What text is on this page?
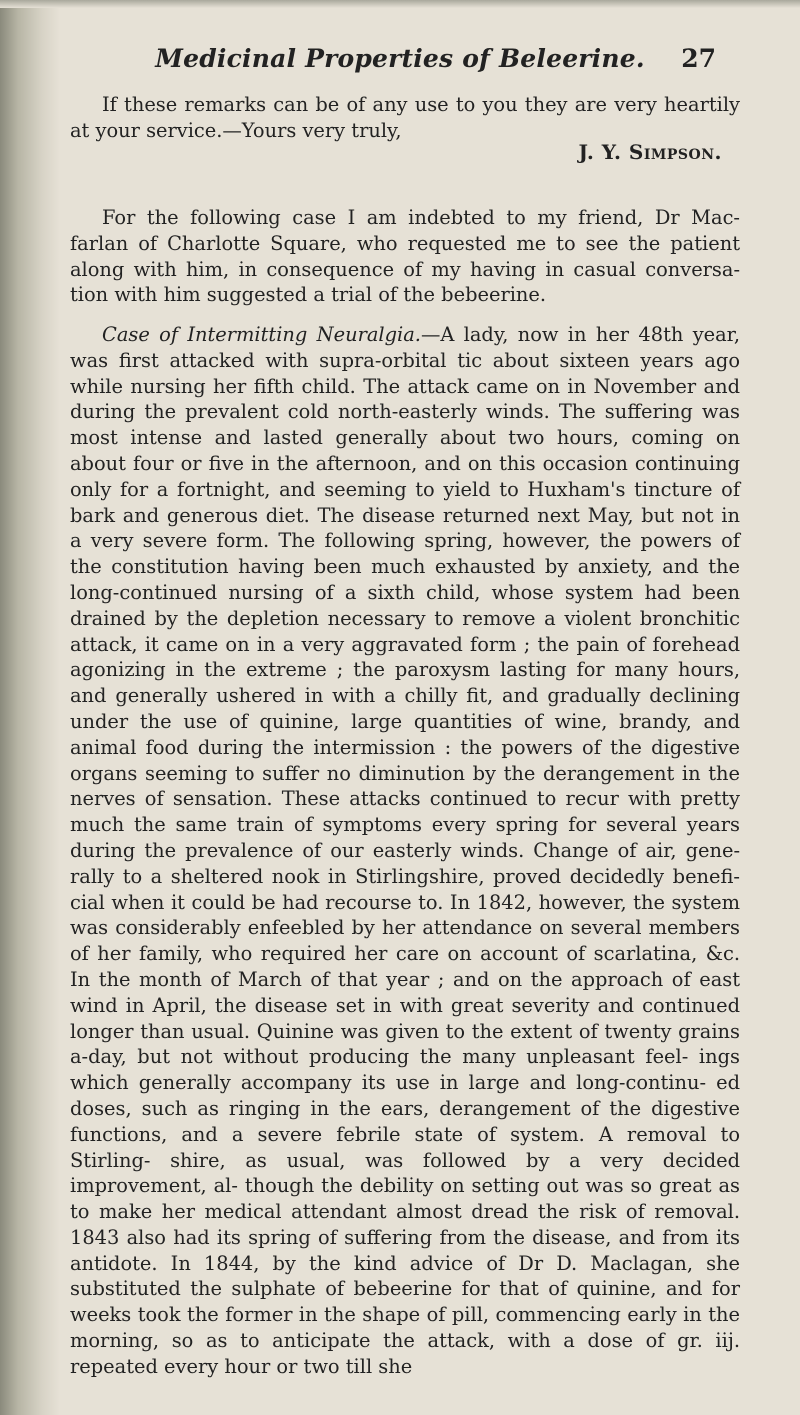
Medicinal Properties of Beleerine.	27

If these remarks can be of any use to you they are very heartily at your service.—Yours very truly,

J. Y. Simpson.

For the following case I am indebted to my friend, Dr Mac- farlan of Charlotte Square, who requested me to see the patient along with him, in consequence of my having in casual conversa- tion with him suggested a trial of the bebeerine.

Case of Intermitting Neuralgia.—A lady, now in her 48th year, was first attacked with supra-orbital tic about sixteen years ago while nursing her fifth child. The attack came on in November and during the prevalent cold north-easterly winds. The suffering was most intense and lasted generally about two hours, coming on about four or five in the afternoon, and on this occasion continuing only for a fortnight, and seeming to yield to Huxham's tincture of bark and generous diet. The disease returned next May, but not in a very severe form. The following spring, however, the powers of the constitution having been much exhausted by anxiety, and the long-continued nursing of a sixth child, whose system had been drained by the depletion necessary to remove a violent bronchitic attack, it came on in a very aggravated form ; the pain of forehead agonizing in the extreme ; the paroxysm lasting for many hours, and generally ushered in with a chilly fit, and gradually declining under the use of quinine, large quantities of wine, brandy, and animal food during the intermission : the powers of the digestive organs seeming to suffer no diminution by the derangement in the nerves of sensation. These attacks continued to recur with pretty much the same train of symptoms every spring for several years during the prevalence of our easterly winds. Change of air, gene- rally to a sheltered nook in Stirlingshire, proved decidedly benefi- cial when it could be had recourse to. In 1842, however, the system was considerably enfeebled by her attendance on several members of her family, who required her care on account of scarlatina, &c. In the month of March of that year ; and on the approach of east wind in April, the disease set in with great severity and continued longer than usual. Quinine was given to the extent of twenty grains a-day, but not without producing the many unpleasant feel- ings which generally accompany its use in large and long-continu- ed doses, such as ringing in the ears, derangement of the digestive functions, and a severe febrile state of system. A removal to Stirling- shire, as usual, was followed by a very decided improvement, al- though the debility on setting out was so great as to make her medical attendant almost dread the risk of removal. 1843 also had its spring of suffering from the disease, and from its antidote. In 1844, by the kind advice of Dr D. Maclagan, she substituted the sulphate of bebeerine for that of quinine, and for weeks took the former in the shape of pill, commencing early in the morning, so as to anticipate the attack, with a dose of gr. iij. repeated every hour or two till she
